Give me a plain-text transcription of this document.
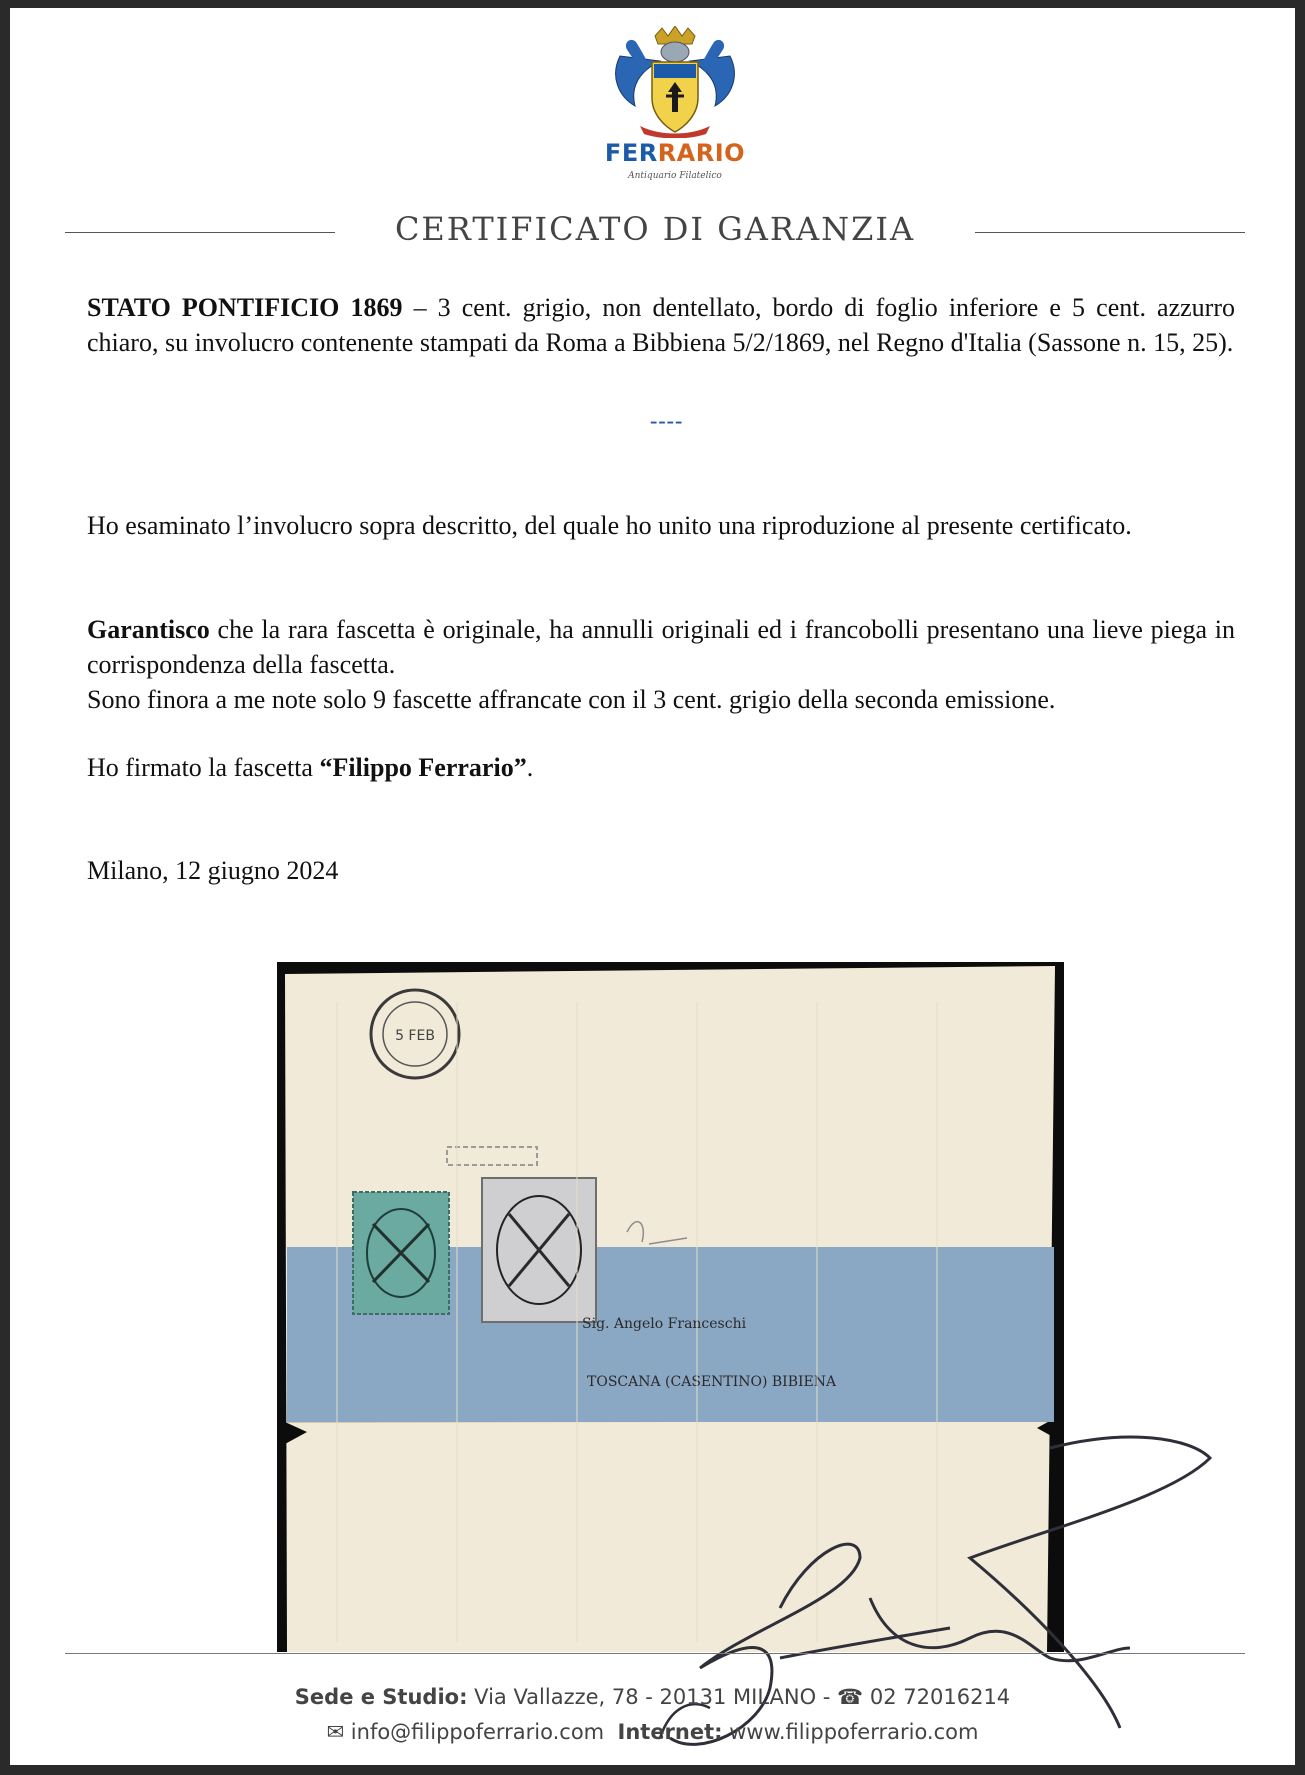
FERRARIO
Antiquario Filatelico
CERTIFICATO DI GARANZIA
STATO PONTIFICIO 1869 – 3 cent. grigio, non dentellato, bordo di foglio inferiore e 5 cent. azzurro chiaro, su involucro contenente stampati da Roma a Bibbiena 5/2/1869, nel Regno d'Italia (Sassone n. 15, 25).
----
Ho esaminato l’involucro sopra descritto, del quale ho unito una riproduzione al presente certificato.
Garantisco che la rara fascetta è originale, ha annulli originali ed i francobolli presentano una lieve piega in corrispondenza della fascetta.
Sono finora a me note solo 9 fascette affrancate con il 3 cent. grigio della seconda emissione.
Ho firmato la fascetta “Filippo Ferrario”.
Milano, 12 giugno 2024
5 FEB
Sig. Angelo Franceschi
TOSCANA (CASENTINO) BIBIENA
Sede e Studio: Via Vallazze, 78 - 20131 MILANO - ☎ 02 72016214
✉ info@filippoferrario.com Internet: www.filippoferrario.com
